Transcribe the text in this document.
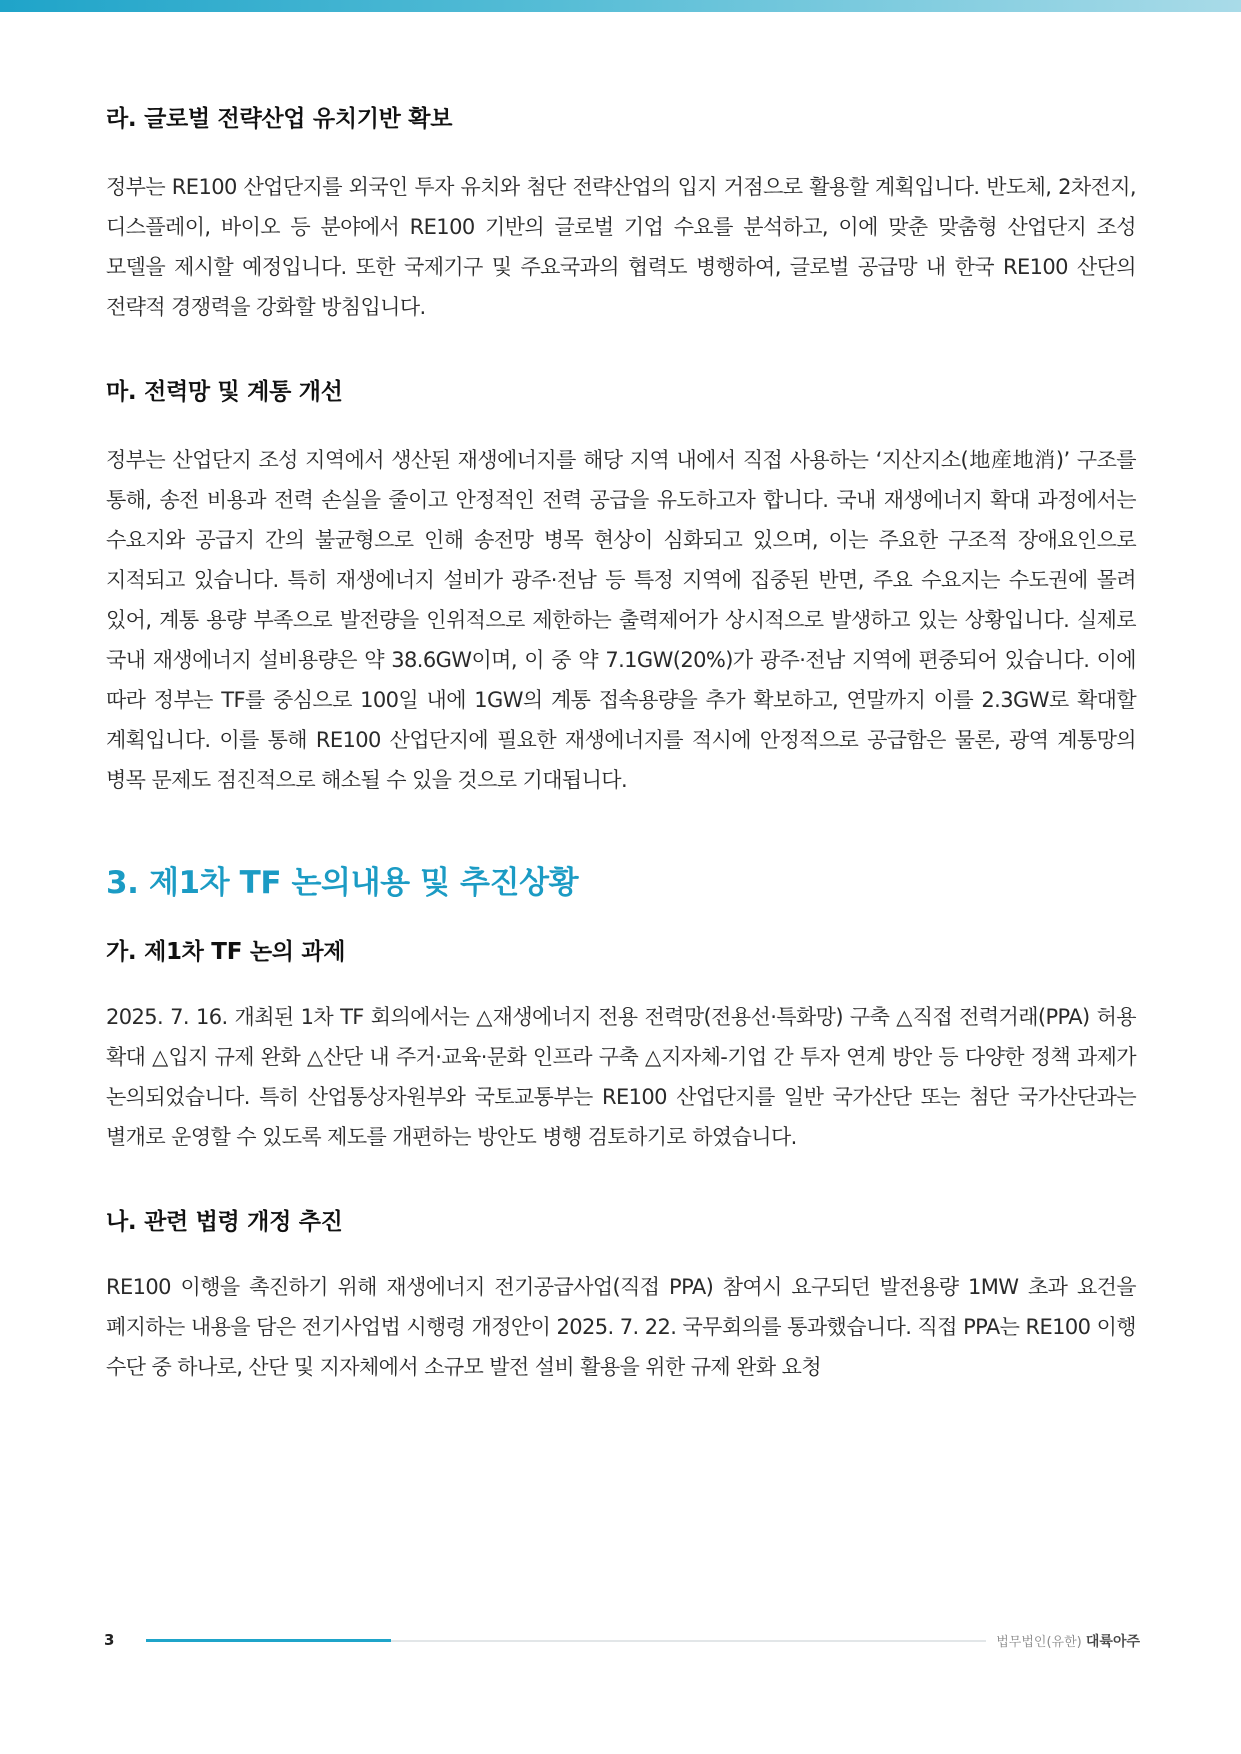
라. 글로벌 전략산업 유치기반 확보

정부는 RE100 산업단지를 외국인 투자 유치와 첨단 전략산업의 입지 거점으로 활용할 계획입니다. 반도체, 2차전지, 디스플레이, 바이오 등 분야에서 RE100 기반의 글로벌 기업 수요를 분석하고, 이에 맞춘 맞춤형 산업단지 조성 모델을 제시할 예정입니다. 또한 국제기구 및 주요국과의 협력도 병행하여, 글로벌 공급망 내 한국 RE100 산단의 전략적 경쟁력을 강화할 방침입니다.

마. 전력망 및 계통 개선

정부는 산업단지 조성 지역에서 생산된 재생에너지를 해당 지역 내에서 직접 사용하는 ‘지산지소(地産地消)’ 구조를 통해, 송전 비용과 전력 손실을 줄이고 안정적인 전력 공급을 유도하고자 합니다. 국내 재생에너지 확대 과정에서는 수요지와 공급지 간의 불균형으로 인해 송전망 병목 현상이 심화되고 있으며, 이는 주요한 구조적 장애요인으로 지적되고 있습니다. 특히 재생에너지 설비가 광주·전남 등 특정 지역에 집중된 반면, 주요 수요지는 수도권에 몰려 있어, 계통 용량 부족으로 발전량을 인위적으로 제한하는 출력제어가 상시적으로 발생하고 있는 상황입니다. 실제로 국내 재생에너지 설비용량은 약 38.6GW이며, 이 중 약 7.1GW(20%)가 광주·전남 지역에 편중되어 있습니다. 이에 따라 정부는 TF를 중심으로 100일 내에 1GW의 계통 접속용량을 추가 확보하고, 연말까지 이를 2.3GW로 확대할 계획입니다. 이를 통해 RE100 산업단지에 필요한 재생에너지를 적시에 안정적으로 공급함은 물론, 광역 계통망의 병목 문제도 점진적으로 해소될 수 있을 것으로 기대됩니다.

3. 제1차 TF 논의내용 및 추진상황
가. 제1차 TF 논의 과제

2025. 7. 16. 개최된 1차 TF 회의에서는 △재생에너지 전용 전력망(전용선·특화망) 구축 △직접 전력거래(PPA) 허용 확대 △입지 규제 완화 △산단 내 주거·교육·문화 인프라 구축 △지자체-기업 간 투자 연계 방안 등 다양한 정책 과제가 논의되었습니다. 특히 산업통상자원부와 국토교통부는 RE100 산업단지를 일반 국가산단 또는 첨단 국가산단과는 별개로 운영할 수 있도록 제도를 개편하는 방안도 병행 검토하기로 하였습니다.

나. 관련 법령 개정 추진

RE100 이행을 촉진하기 위해 재생에너지 전기공급사업(직접 PPA) 참여시 요구되던 발전용량 1MW 초과 요건을 폐지하는 내용을 담은 전기사업법 시행령 개정안이 2025. 7. 22. 국무회의를 통과했습니다. 직접 PPA는 RE100 이행 수단 중 하나로, 산단 및 지자체에서 소규모 발전 설비 활용을 위한 규제 완화 요청

3	법무법인(유한) 대륙아주
